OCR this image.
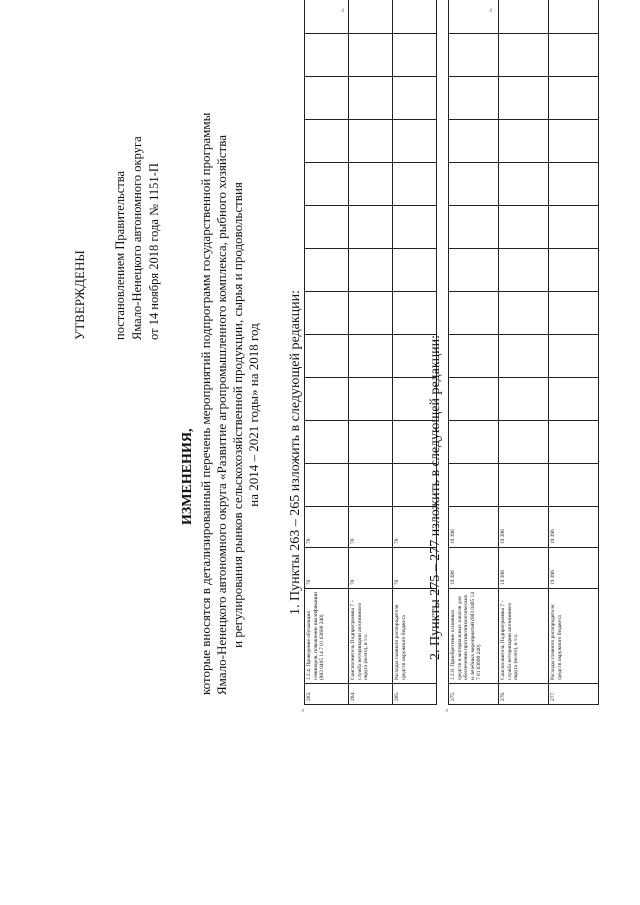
УТВЕРЖДЕНЫ постановлением Правительства Ямало-Ненецкого автономного округа от 14 ноября 2018 года № 1151-П
ИЗМЕНЕНИЯ, которые вносятся в детализированный перечень мероприятий подпрограмм государственной программы Ямало-Ненецкого автономного округа «Развитие агропромышленного комплекса, рыбного хозяйства и регулирования рынков сельскохозяйственной продукции, сырья и продовольствия на 2014 – 2021 годы» на 2018 год 1. Пункты 263 – 265 изложить в следующей редакции:
«
263.	1.2.4. Проведение обучающих семинаров, повышение квалификации (883 0405 14 7 01 63600 240)	70	70												
264.	Соисполнитель Подпрограммы 7 – служба ветеринарии автономного округа (всего), в т.ч.	70	70												
265.	Расходы главного распорядителя средств окружного бюджета	70	70												
».
2. Пункты 275 – 277 изложить в следующей редакции:
«
275.	1.2.8. Приобретение основных средств и материальных запасов для обеспечения противоэпизоотических и лечебных мероприятий (883 0405 14 7 01 63600 240)	19 396	19 396												
276.	Соисполнитель Подпрограммы 7 – служба ветеринарии автономного округа (всего), в т.ч.	19 396	19 396												
277.	Расходы главного распорядителя средств окружного бюджета	19 396	19 396												
».
